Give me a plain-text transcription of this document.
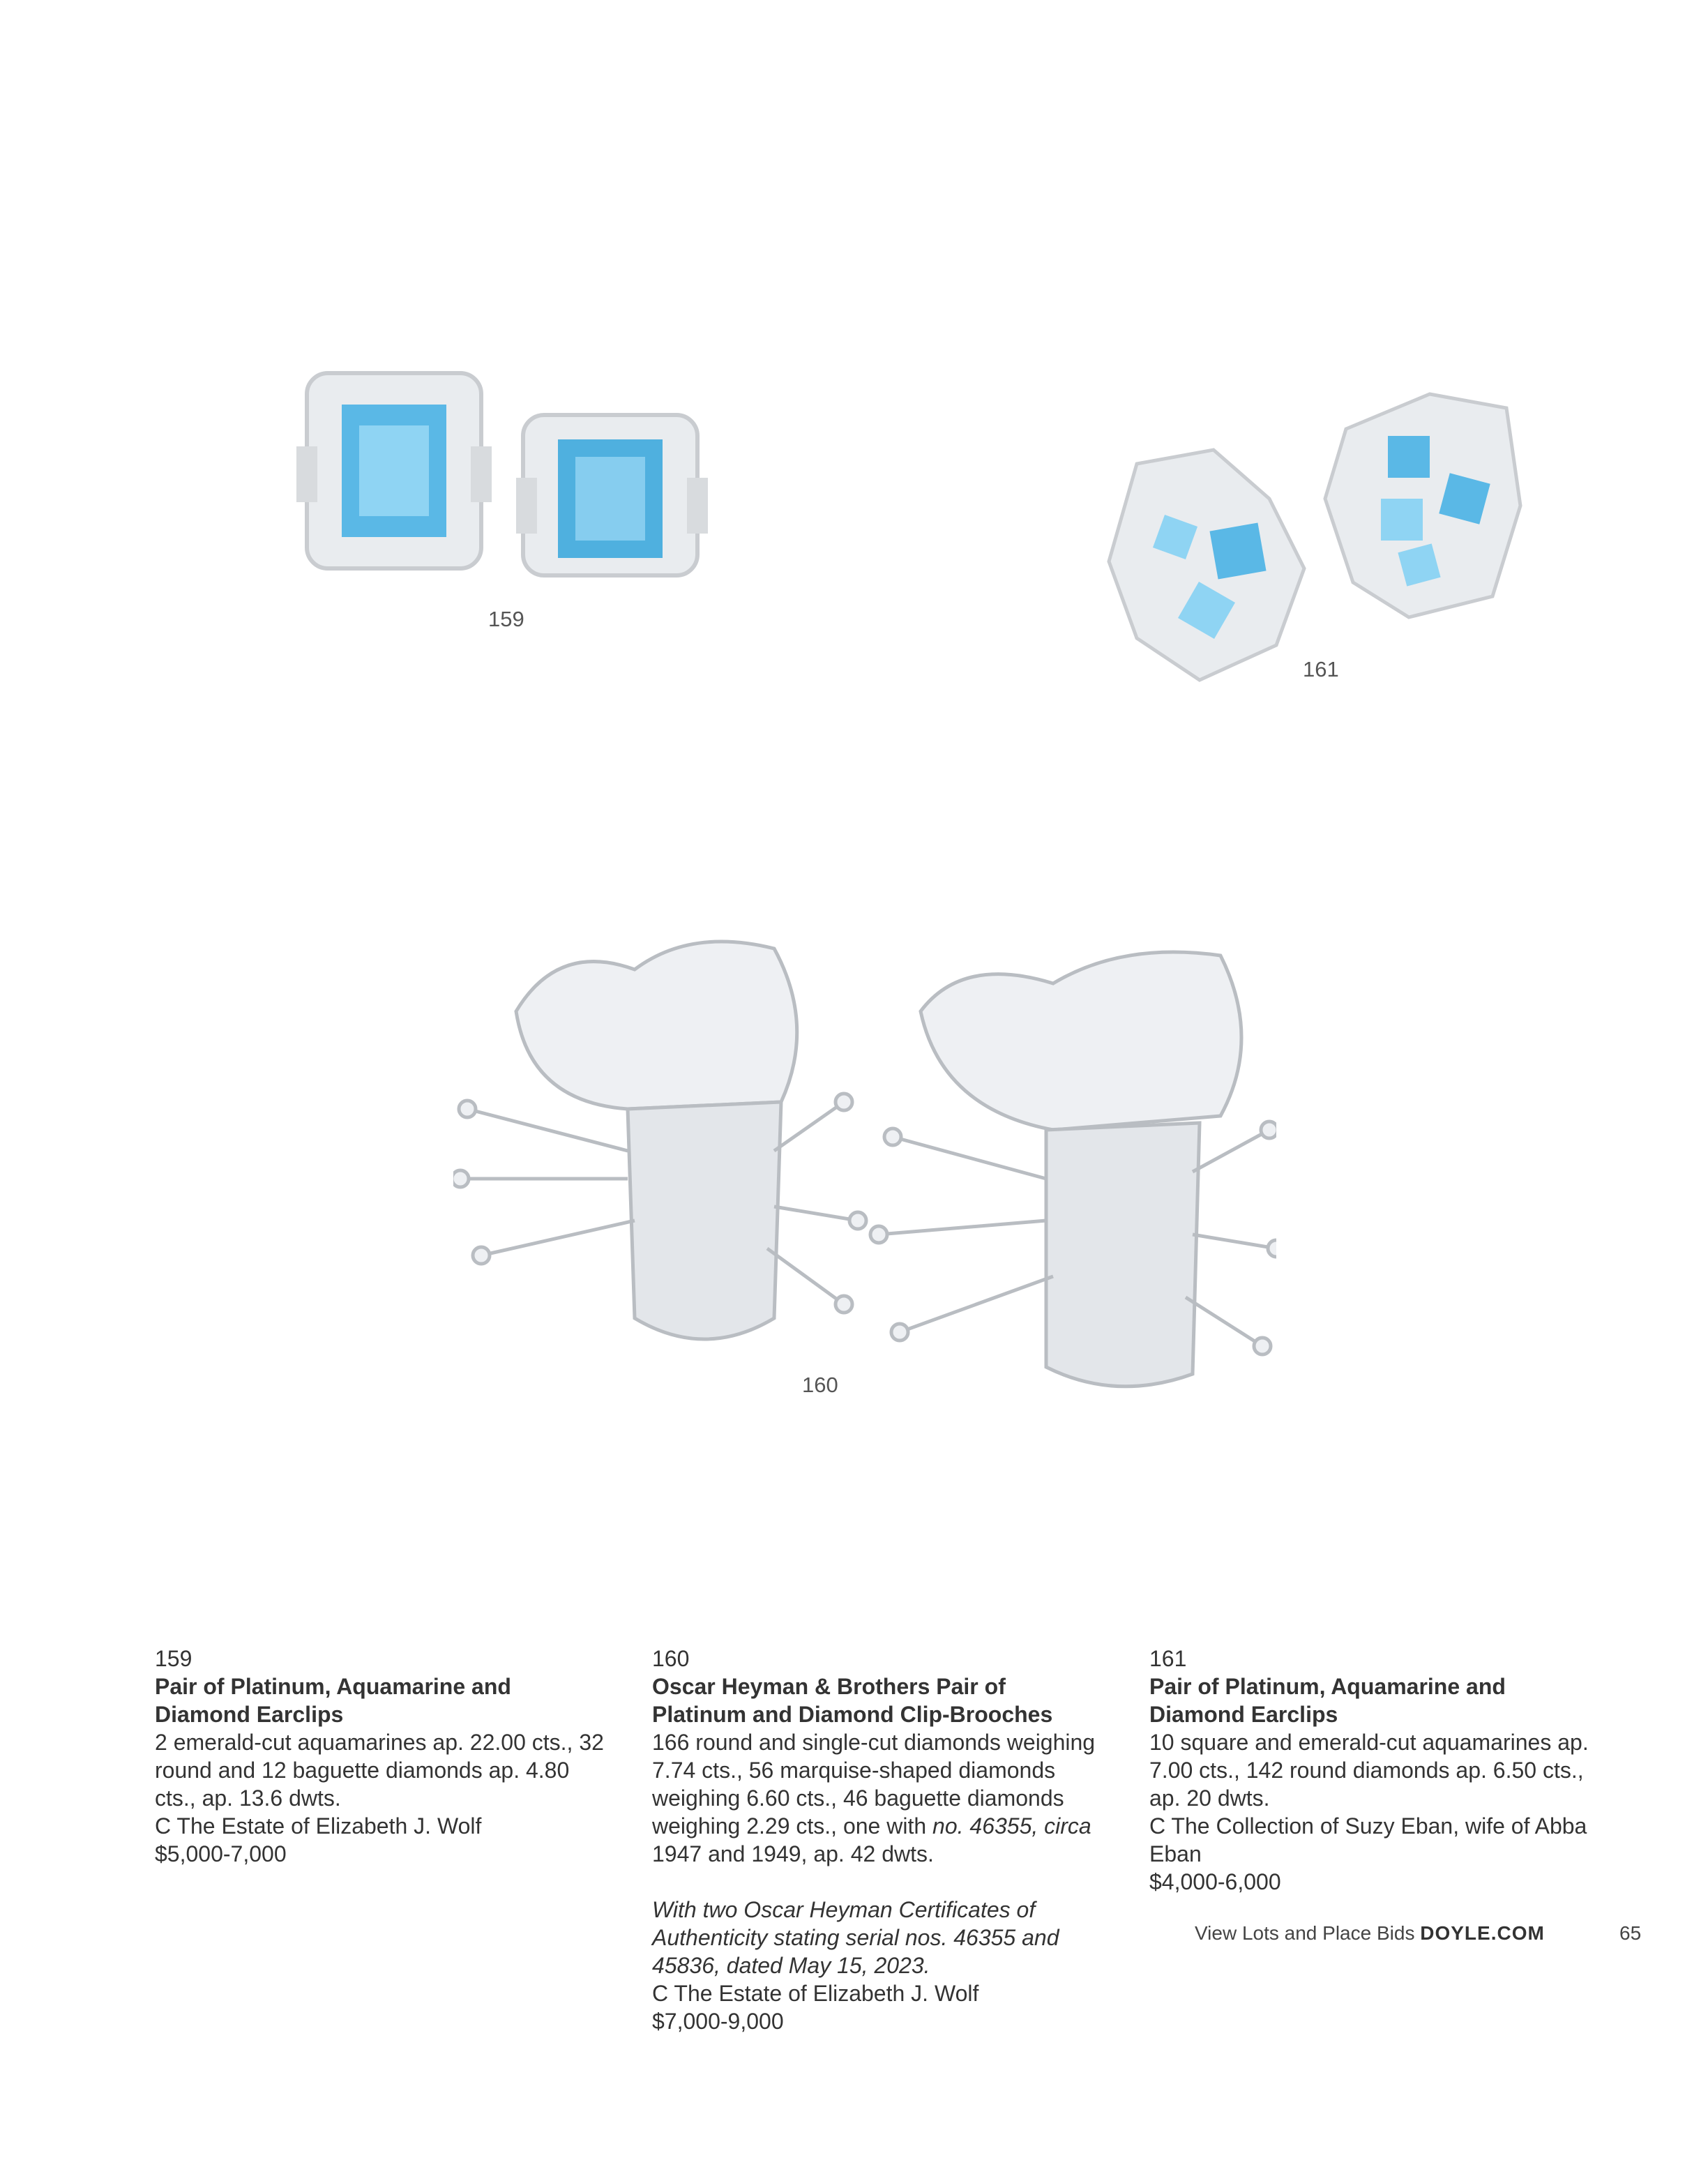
159
161
160
159
Pair of Platinum, Aquamarine and Diamond Earclips
2 emerald-cut aquamarines ap. 22.00 cts., 32 round and 12 baguette diamonds ap. 4.80 cts., ap. 13.6 dwts.
C The Estate of Elizabeth J. Wolf
$5,000-7,000
160
Oscar Heyman & Brothers Pair of Platinum and Diamond Clip-Brooches
166 round and single-cut diamonds weighing 7.74 cts., 56 marquise-shaped diamonds weighing 6.60 cts., 46 baguette diamonds weighing 2.29 cts., one with no. 46355, circa 1947 and 1949, ap. 42 dwts.
With two Oscar Heyman Certificates of Authenticity stating serial nos. 46355 and 45836, dated May 15, 2023.
C The Estate of Elizabeth J. Wolf
$7,000-9,000
161
Pair of Platinum, Aquamarine and Diamond Earclips
10 square and emerald-cut aquamarines ap. 7.00 cts., 142 round diamonds ap. 6.50 cts., ap. 20 dwts.
C The Collection of Suzy Eban, wife of Abba Eban
$4,000-6,000
View Lots and Place Bids DOYLE.COM	65
